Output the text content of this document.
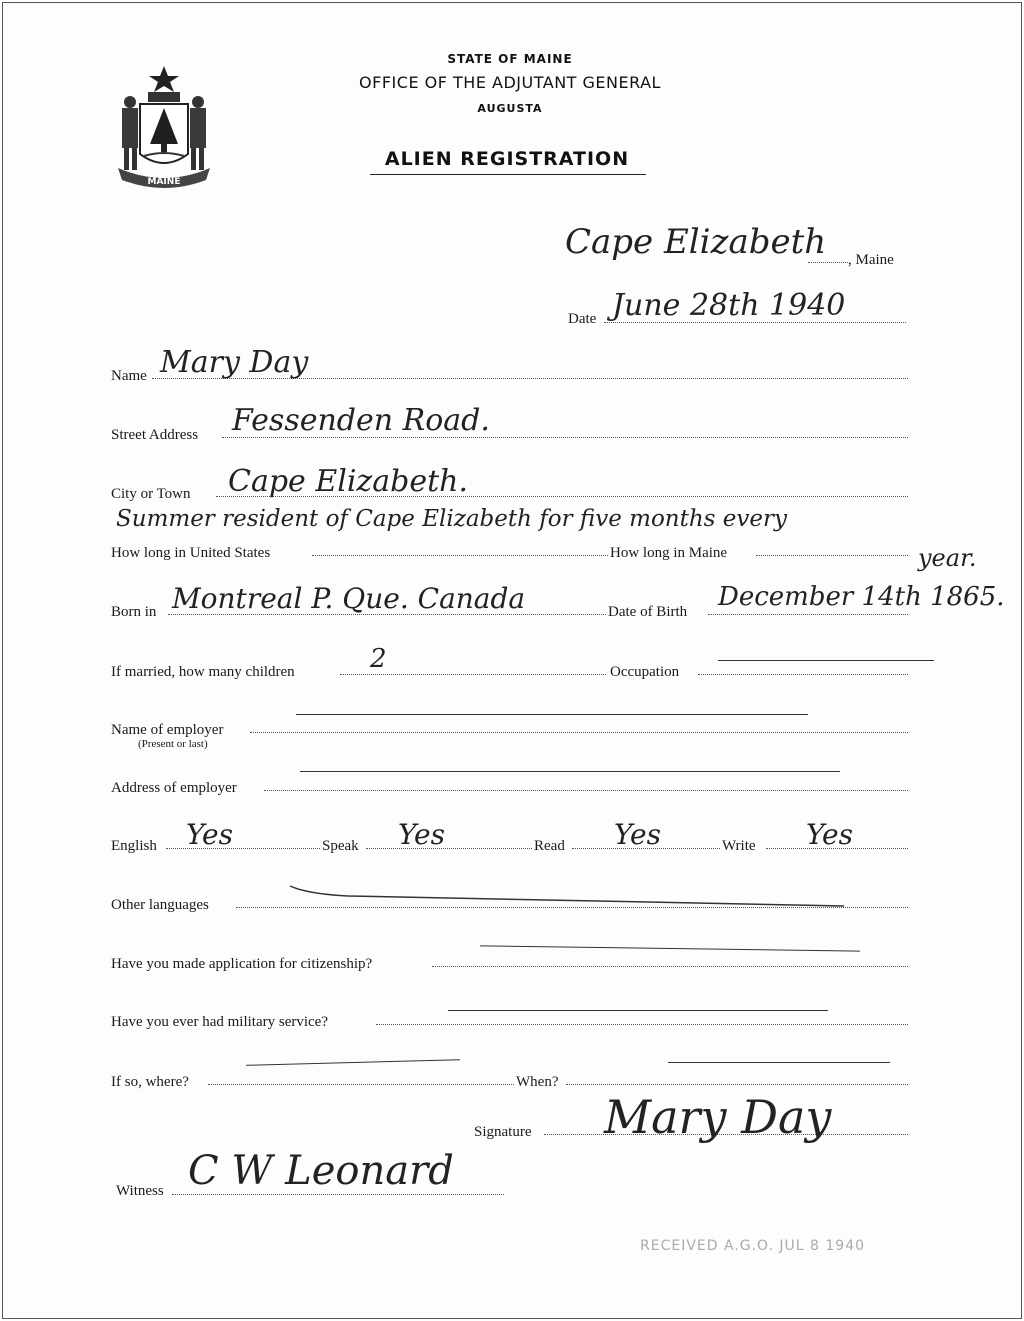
MAINE
STATE OF MAINE
OFFICE OF THE ADJUTANT GENERAL
AUGUSTA
ALIEN REGISTRATION
Cape Elizabeth , Maine
Date June 28th 1940
Name Mary Day
Street Address Fessenden Road.
City or Town Cape Elizabeth.
Summer resident of Cape Elizabeth for five months every
How long in United States	How long in Maine	year.
Born in Montreal P. Que. Canada	Date of Birth December 14th 1865.
If married, how many children	2	Occupation
Name of employer
(Present or last)
Address of employer
English Yes	Speak Yes	Read Yes	Write Yes
Other languages
Have you made application for citizenship?
Have you ever had military service?
If so, where?	When?
Signature Mary Day
Witness C W Leonard
RECEIVED A.G.O. JUL 8 1940
